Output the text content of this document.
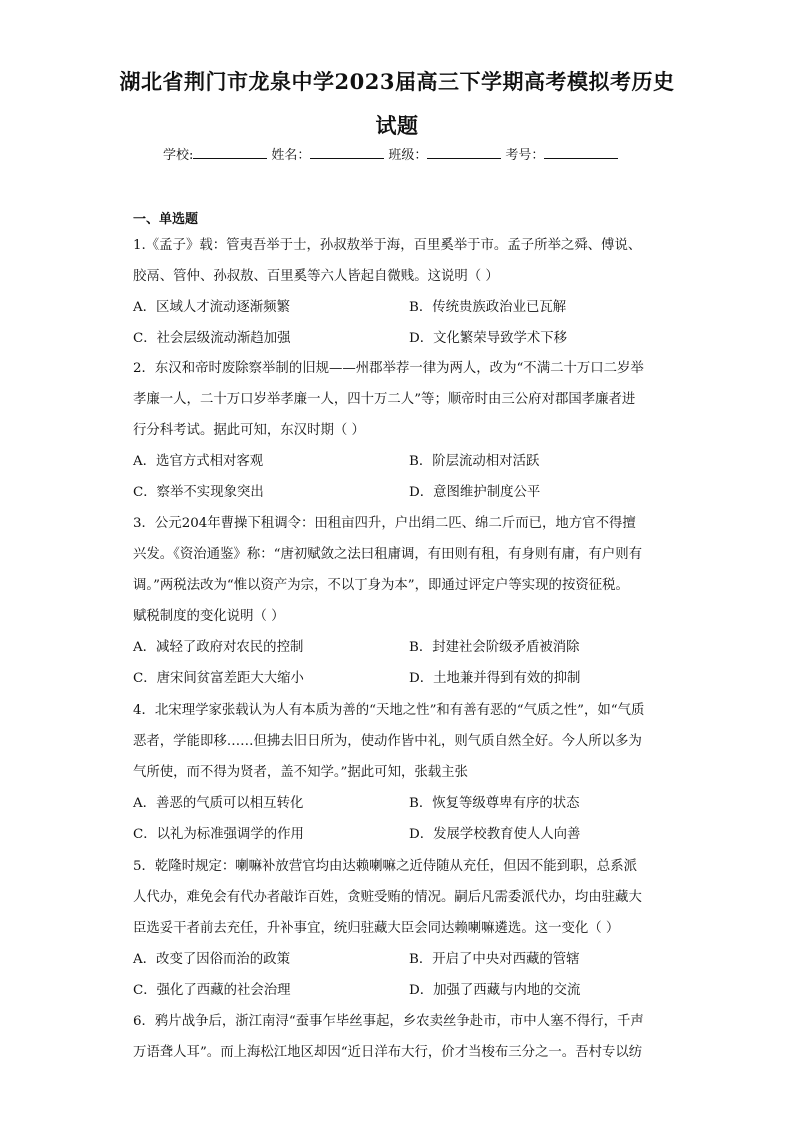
湖北省荆门市龙泉中学2023届高三下学期高考模拟考历史
试题
学校:	姓名：	班级：	考号：
一、单选题
1.《孟子》载：管夷吾举于士，孙叔敖举于海，百里奚举于市。孟子所举之舜、傅说、
胶鬲、管仲、孙叔敖、百里奚等六人皆起自微贱。这说明（ ）
A．区域人才流动逐渐频繁	B．传统贵族政治业已瓦解
C．社会层级流动渐趋加强	D．文化繁荣导致学术下移
2．东汉和帝时废除察举制的旧规——州郡举荐一律为两人，改为“不满二十万口二岁举
孝廉一人，二十万口岁举孝廉一人，四十万二人”等；顺帝时由三公府对郡国孝廉者进
行分科考试。据此可知，东汉时期（ ）
A．选官方式相对客观	B．阶层流动相对活跃
C．察举不实现象突出	D．意图维护制度公平
3．公元204年曹操下租调令：田租亩四升，户出绢二匹、绵二斤而已，地方官不得擅
兴发。《资治通鉴》称：“唐初赋敛之法曰租庸调，有田则有租，有身则有庸，有户则有
调。”两税法改为“惟以资产为宗，不以丁身为本”，即通过评定户等实现的按资征税。
赋税制度的变化说明（ ）
A．减轻了政府对农民的控制	B．封建社会阶级矛盾被消除
C．唐宋间贫富差距大大缩小	D．土地兼并得到有效的抑制
4．北宋理学家张载认为人有本质为善的“天地之性”和有善有恶的“气质之性”，如“气质
恶者，学能即移……但拂去旧日所为，使动作皆中礼，则气质自然全好。今人所以多为
气所使，而不得为贤者，盖不知学。”据此可知，张载主张
A．善恶的气质可以相互转化	B．恢复等级尊卑有序的状态
C．以礼为标准强调学的作用	D．发展学校教育使人人向善
5．乾隆时规定：喇嘛补放营官均由达赖喇嘛之近侍随从充任，但因不能到职，总系派
人代办，难免会有代办者敲诈百姓，贪赃受贿的情况。嗣后凡需委派代办，均由驻藏大
臣选妥干者前去充任，升补事宜，统归驻藏大臣会同达赖喇嘛遴选。这一变化（ ）
A．改变了因俗而治的政策	B．开启了中央对西藏的管辖
C．强化了西藏的社会治理	D．加强了西藏与内地的交流
6．鸦片战争后，浙江南浔“蚕事乍毕丝事起，乡农卖丝争赴市，市中人塞不得行，千声
万语聋人耳”。而上海松江地区却因“近日洋布大行，价才当梭布三分之一。吾村专以纺
